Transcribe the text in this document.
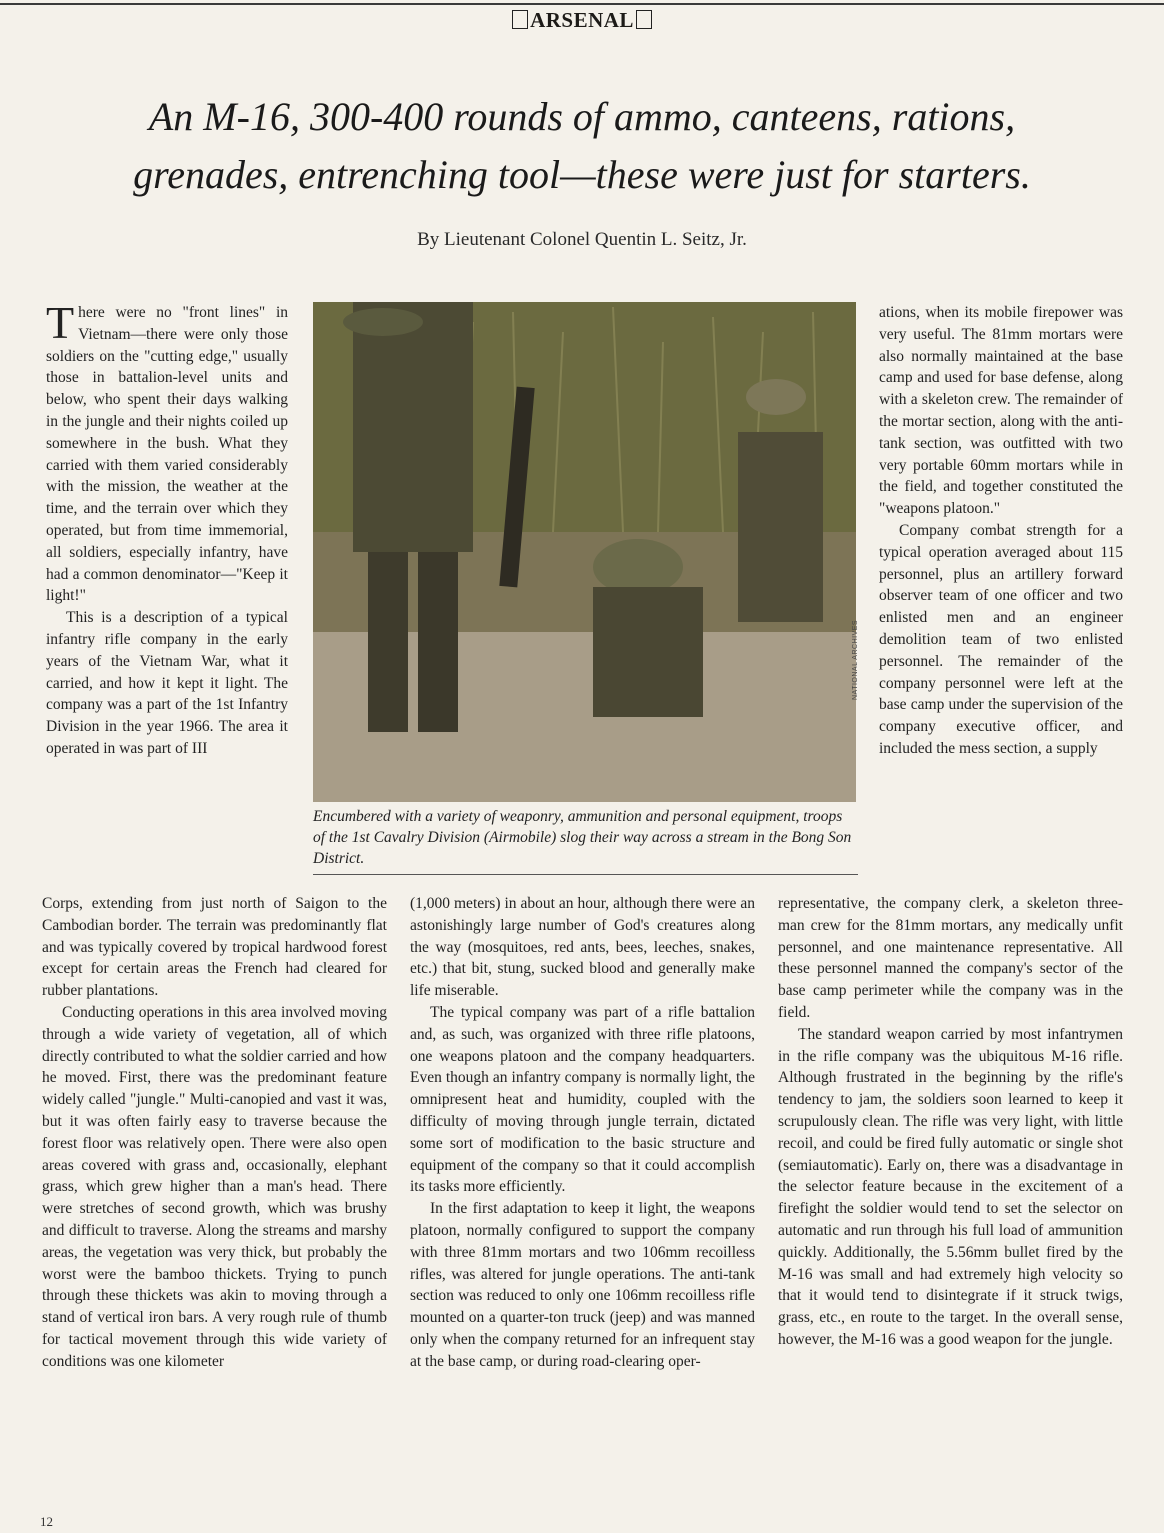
ARSENAL
An M-16, 300-400 rounds of ammo, canteens, rations,
grenades, entrenching tool—these were just for starters.
By Lieutenant Colonel Quentin L. Seitz, Jr.

There were no "front lines" in Vietnam—there were only those soldiers on the "cutting edge," usually those in battalion-level units and below, who spent their days walking in the jungle and their nights coiled up somewhere in the bush. What they carried with them varied considerably with the mission, the weather at the time, and the terrain over which they operated, but from time immemorial, all soldiers, especially infantry, have had a common denominator—"Keep it light!"

This is a description of a typical infantry rifle company in the early years of the Vietnam War, what it carried, and how it kept it light. The company was a part of the 1st Infantry Division in the year 1966. The area it operated in was part of III

NATIONAL ARCHIVES
Encumbered with a variety of weaponry, ammunition and personal equipment, troops of the 1st Cavalry Division (Airmobile) slog their way across a stream in the Bong Son District.

ations, when its mobile firepower was very useful. The 81mm mortars were also normally maintained at the base camp and used for base defense, along with a skeleton crew. The remainder of the mortar section, along with the anti-tank section, was outfitted with two very portable 60mm mortars while in the field, and together constituted the "weapons platoon."

Company combat strength for a typical operation averaged about 115 personnel, plus an artillery forward observer team of one officer and two enlisted men and an engineer demolition team of two enlisted personnel. The remainder of the company personnel were left at the base camp under the supervision of the company executive officer, and included the mess section, a supply

Corps, extending from just north of Saigon to the Cambodian border. The terrain was predominantly flat and was typically covered by tropical hardwood forest except for certain areas the French had cleared for rubber plantations.

Conducting operations in this area involved moving through a wide variety of vegetation, all of which directly contributed to what the soldier carried and how he moved. First, there was the predominant feature widely called "jungle." Multi-canopied and vast it was, but it was often fairly easy to traverse because the forest floor was relatively open. There were also open areas covered with grass and, occasionally, elephant grass, which grew higher than a man's head. There were stretches of second growth, which was brushy and difficult to traverse. Along the streams and marshy areas, the vegetation was very thick, but probably the worst were the bamboo thickets. Trying to punch through these thickets was akin to moving through a stand of vertical iron bars. A very rough rule of thumb for tactical movement through this wide variety of conditions was one kilometer

(1,000 meters) in about an hour, although there were an astonishingly large number of God's creatures along the way (mosquitoes, red ants, bees, leeches, snakes, etc.) that bit, stung, sucked blood and generally make life miserable.

The typical company was part of a rifle battalion and, as such, was organized with three rifle platoons, one weapons platoon and the company headquarters. Even though an infantry company is normally light, the omnipresent heat and humidity, coupled with the difficulty of moving through jungle terrain, dictated some sort of modification to the basic structure and equipment of the company so that it could accomplish its tasks more efficiently.

In the first adaptation to keep it light, the weapons platoon, normally configured to support the company with three 81mm mortars and two 106mm recoilless rifles, was altered for jungle operations. The anti-tank section was reduced to only one 106mm recoilless rifle mounted on a quarter-ton truck (jeep) and was manned only when the company returned for an infrequent stay at the base camp, or during road-clearing oper-

representative, the company clerk, a skeleton three-man crew for the 81mm mortars, any medically unfit personnel, and one maintenance representative. All these personnel manned the company's sector of the base camp perimeter while the company was in the field.

The standard weapon carried by most infantrymen in the rifle company was the ubiquitous M-16 rifle. Although frustrated in the beginning by the rifle's tendency to jam, the soldiers soon learned to keep it scrupulously clean. The rifle was very light, with little recoil, and could be fired fully automatic or single shot (semiautomatic). Early on, there was a disadvantage in the selector feature because in the excitement of a firefight the soldier would tend to set the selector on automatic and run through his full load of ammunition quickly. Additionally, the 5.56mm bullet fired by the M-16 was small and had extremely high velocity so that it would tend to disintegrate if it struck twigs, grass, etc., en route to the target. In the overall sense, however, the M-16 was a good weapon for the jungle.

12
